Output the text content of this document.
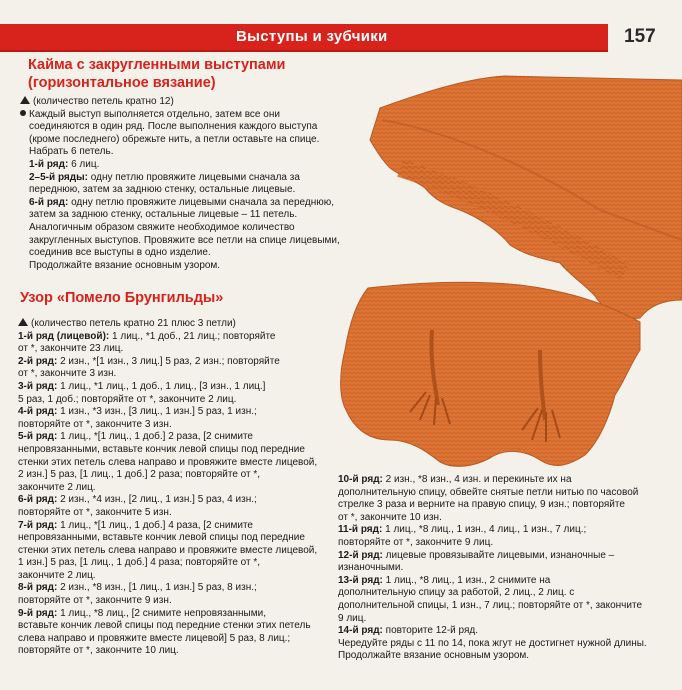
Выступы и зубчики	157
Кайма с закругленными выступами
(горизонтальное вязание)
(количество петель кратно 12)
Каждый выступ выполняется отдельно, затем все они
соединяются в один ряд. После выполнения каждого выступа
(кроме последнего) обрежьте нить, а петли оставьте на спице.
Набрать 6 петель.
1-й ряд: 6 лиц.
2–5-й ряды: одну петлю провяжите лицевыми сначала за
переднюю, затем за заднюю стенку, остальные лицевые.
6-й ряд: одну петлю провяжите лицевыми сначала за переднюю,
затем за заднюю стенку, остальные лицевые – 11 петель.
Аналогичным образом свяжите необходимое количество
закругленных выступов. Провяжите все петли на спице лицевыми,
соединив все выступы в одно изделие.
Продолжайте вязание основным узором.
Узор «Помело Брунгильды»
(количество петель кратно 21 плюс 3 петли)
1-й ряд (лицевой): 1 лиц., *1 доб., 21 лиц.; повторяйте
от *, закончите 23 лиц.
2-й ряд: 2 изн., *[1 изн., 3 лиц.] 5 раз, 2 изн.; повторяйте
от *, закончите 3 изн.
3-й ряд: 1 лиц., *1 лиц., 1 доб., 1 лиц., [3 изн., 1 лиц.]
5 раз, 1 доб.; повторяйте от *, закончите 2 лиц.
4-й ряд: 1 изн., *3 изн., [3 лиц., 1 изн.] 5 раз, 1 изн.;
повторяйте от *, закончите 3 изн.
5-й ряд: 1 лиц., *[1 лиц., 1 доб.] 2 раза, [2 снимите
непровязанными, вставьте кончик левой спицы под передние
стенки этих петель слева направо и провяжите вместе лицевой,
2 изн.] 5 раз, [1 лиц., 1 доб.] 2 раза; повторяйте от *,
закончите 2 лиц.
6-й ряд: 2 изн., *4 изн., [2 лиц., 1 изн.] 5 раз, 4 изн.;
повторяйте от *, закончите 5 изн.
7-й ряд: 1 лиц., *[1 лиц., 1 доб.] 4 раза, [2 снимите
непровязанными, вставьте кончик левой спицы под передние
стенки этих петель слева направо и провяжите вместе лицевой,
1 изн.] 5 раз, [1 лиц., 1 доб.] 4 раза; повторяйте от *,
закончите 2 лиц.
8-й ряд: 2 изн., *8 изн., [1 лиц., 1 изн.] 5 раз, 8 изн.;
повторяйте от *, закончите 9 изн.
9-й ряд: 1 лиц., *8 лиц., [2 снимите непровязанными,
вставьте кончик левой спицы под передние стенки этих петель
слева направо и провяжите вместе лицевой] 5 раз, 8 лиц.;
повторяйте от *, закончите 10 лиц.
10-й ряд: 2 изн., *8 изн., 4 изн. и перекиньте их на
дополнительную спицу, обвейте снятые петли нитью по часовой
стрелке 3 раза и верните на правую спицу, 9 изн.; повторяйте
от *, закончите 10 изн.
11-й ряд: 1 лиц., *8 лиц., 1 изн., 4 лиц., 1 изн., 7 лиц.;
повторяйте от *, закончите 9 лиц.
12-й ряд: лицевые провязывайте лицевыми, изнаночные –
изнаночными.
13-й ряд: 1 лиц., *8 лиц., 1 изн., 2 снимите на
дополнительную спицу за работой, 2 лиц., 2 лиц. с
дополнительной спицы, 1 изн., 7 лиц.; повторяйте от *, закончите
9 лиц.
14-й ряд: повторите 12-й ряд.
Чередуйте ряды с 11 по 14, пока жгут не достигнет нужной длины.
Продолжайте вязание основным узором.
